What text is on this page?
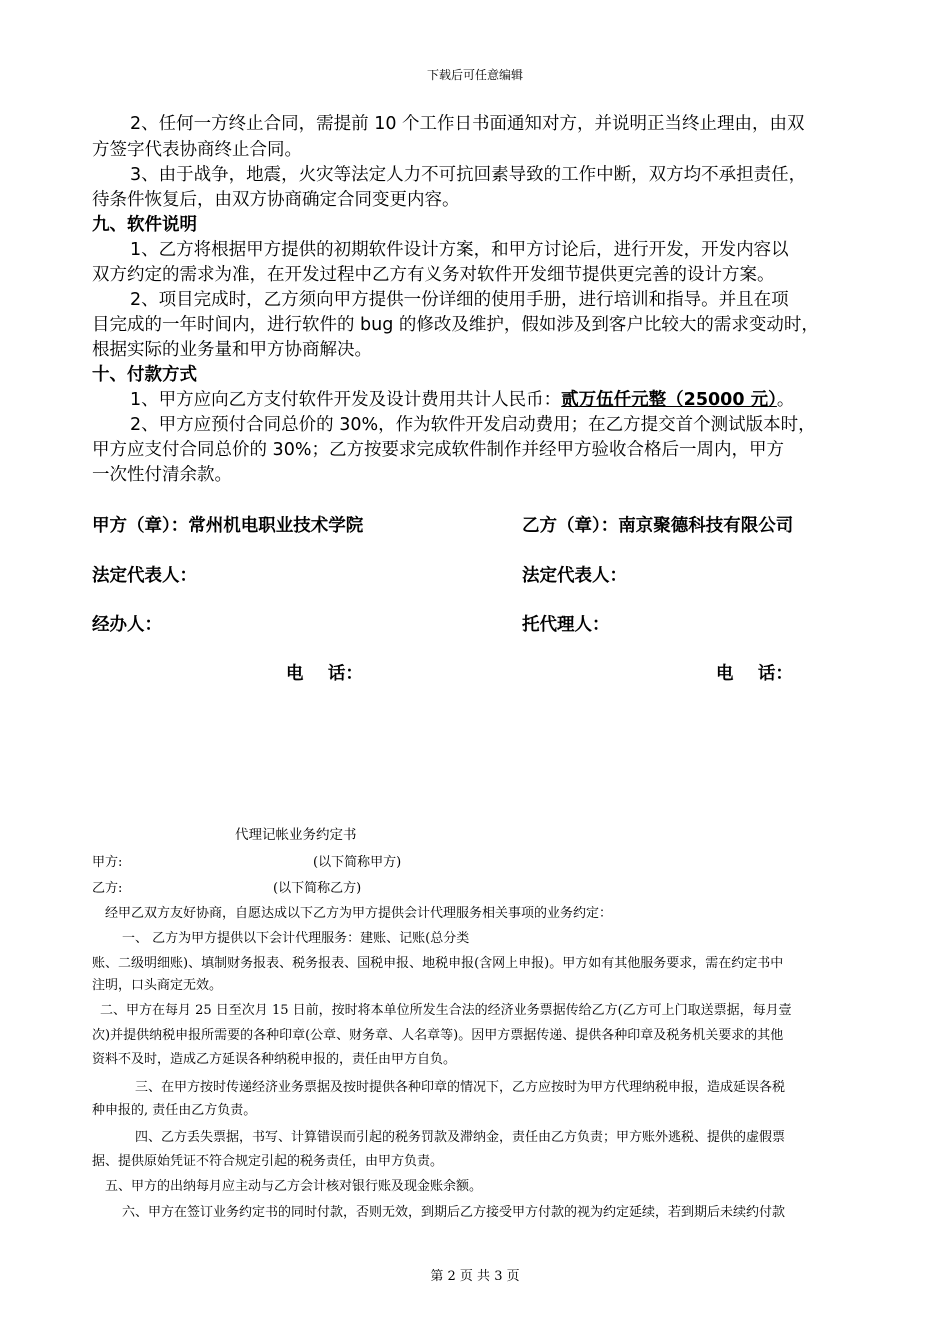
下载后可任意编辑
2、任何一方终止合同，需提前 10 个工作日书面通知对方，并说明正当终止理由，由双
方签字代表协商终止合同。
3、由于战争，地震，火灾等法定人力不可抗回素导致的工作中断，双方均不承担责任，
待条件恢复后，由双方协商确定合同变更内容。
九、软件说明
1、乙方将根据甲方提供的初期软件设计方案，和甲方讨论后，进行开发，开发内容以
双方约定的需求为准，在开发过程中乙方有义务对软件开发细节提供更完善的设计方案。
2、项目完成时，乙方须向甲方提供一份详细的使用手册，进行培训和指导。并且在项
目完成的一年时间内，进行软件的 bug 的修改及维护，假如涉及到客户比较大的需求变动时，
根据实际的业务量和甲方协商解决。
十、付款方式
1、甲方应向乙方支付软件开发及设计费用共计人民币：贰万伍仟元整（25000 元）。
2、甲方应预付合同总价的 30%，作为软件开发启动费用；在乙方提交首个测试版本时，
甲方应支付合同总价的 30%；乙方按要求完成软件制作并经甲方验收合格后一周内，甲方
一次性付清余款。
甲方（章）：常州机电职业技术学院	乙方（章）：南京聚德科技有限公司
法定代表人：	法定代表人：
经办人：	托代理人：
电    话：	电    话：
代理记帐业务约定书
甲方:	(以下简称甲方)
乙方:	(以下简称乙方)
经甲乙双方友好协商，自愿达成以下乙方为甲方提供会计代理服务相关事项的业务约定：
一、 乙方为甲方提供以下会计代理服务：建账、记账(总分类
账、二级明细账)、填制财务报表、税务报表、国税申报、地税申报(含网上申报)。甲方如有其他服务要求，需在约定书中
注明，口头商定无效。
二、甲方在每月 25 日至次月 15 日前，按时将本单位所发生合法的经济业务票据传给乙方(乙方可上门取送票据，每月壹
次)并提供纳税申报所需要的各种印章(公章、财务章、人名章等)。因甲方票据传递、提供各种印章及税务机关要求的其他
资料不及时，造成乙方延误各种纳税申报的，责任由甲方自负。
三、在甲方按时传递经济业务票据及按时提供各种印章的情况下，乙方应按时为甲方代理纳税申报，造成延误各税
种申报的, 责任由乙方负责。
四、乙方丢失票据，书写、计算错误而引起的税务罚款及滞纳金，责任由乙方负责；甲方账外逃税、提供的虚假票
据、提供原始凭证不符合规定引起的税务责任，由甲方负责。
五、甲方的出纳每月应主动与乙方会计核对银行账及现金账余额。
六、甲方在签订业务约定书的同时付款，否则无效，到期后乙方接受甲方付款的视为约定延续，若到期后未续约付款
第 2 页 共 3 页
